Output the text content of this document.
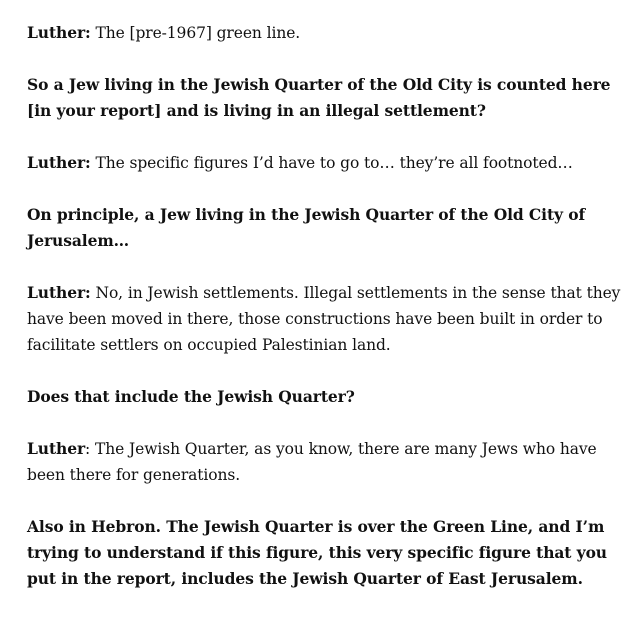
Luther: The [pre-1967] green line.

So a Jew living in the Jewish Quarter of the Old City is counted here [in your report] and is living in an illegal settlement?

Luther: The specific figures I’d have to go to… they’re all footnoted…

On principle, a Jew living in the Jewish Quarter of the Old City of Jerusalem…

Luther: No, in Jewish settlements. Illegal settlements in the sense that they have been moved in there, those constructions have been built in order to facilitate settlers on occupied Palestinian land.

Does that include the Jewish Quarter?

Luther: The Jewish Quarter, as you know, there are many Jews who have been there for generations.

Also in Hebron. The Jewish Quarter is over the Green Line, and I’m trying to understand if this figure, this very specific figure that you put in the report, includes the Jewish Quarter of East Jerusalem.
